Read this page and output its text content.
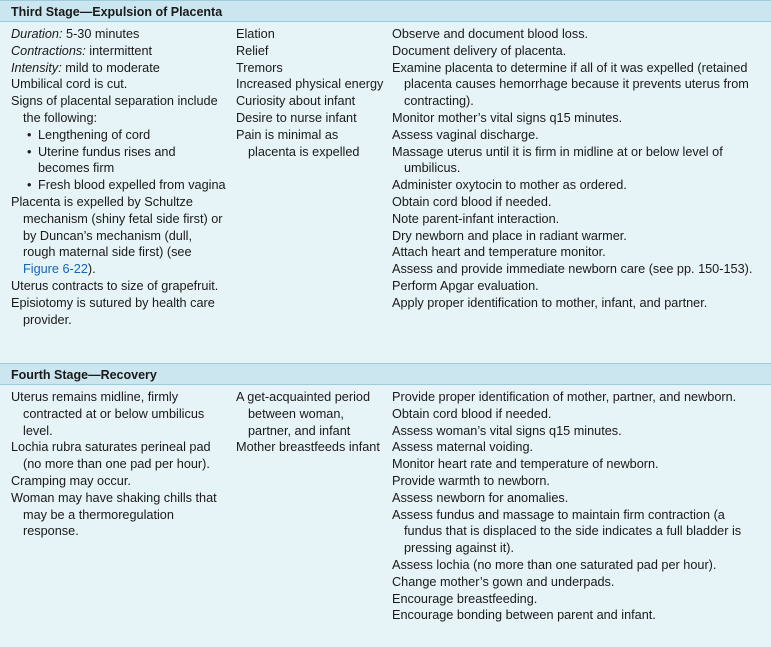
Third Stage—Expulsion of Placenta
Duration: 5-30 minutes
Contractions: intermittent
Intensity: mild to moderate
Umbilical cord is cut.
Signs of placental separation include the following:
• Lengthening of cord
• Uterine fundus rises and becomes firm
• Fresh blood expelled from vagina
Placenta is expelled by Schultze mechanism (shiny fetal side first) or by Duncan’s mechanism (dull, rough maternal side first) (see Figure 6-22).
Uterus contracts to size of grapefruit.
Episiotomy is sutured by health care provider.
Elation
Relief
Tremors
Increased physical energy
Curiosity about infant
Desire to nurse infant
Pain is minimal as placenta is expelled
Observe and document blood loss.
Document delivery of placenta.
Examine placenta to determine if all of it was expelled (retained placenta causes hemorrhage because it prevents uterus from contracting).
Monitor mother’s vital signs q15 minutes.
Assess vaginal discharge.
Massage uterus until it is firm in midline at or below level of umbilicus.
Administer oxytocin to mother as ordered.
Obtain cord blood if needed.
Note parent-infant interaction.
Dry newborn and place in radiant warmer.
Attach heart and temperature monitor.
Assess and provide immediate newborn care (see pp. 150-153).
Perform Apgar evaluation.
Apply proper identification to mother, infant, and partner.
Fourth Stage—Recovery
Uterus remains midline, firmly contracted at or below umbilicus level.
Lochia rubra saturates perineal pad (no more than one pad per hour).
Cramping may occur.
Woman may have shaking chills that may be a thermoregulation response.
A get-acquainted period between woman, partner, and infant
Mother breastfeeds infant
Provide proper identification of mother, partner, and newborn.
Obtain cord blood if needed.
Assess woman’s vital signs q15 minutes.
Assess maternal voiding.
Monitor heart rate and temperature of newborn.
Provide warmth to newborn.
Assess newborn for anomalies.
Assess fundus and massage to maintain firm contraction (a fundus that is displaced to the side indicates a full bladder is pressing against it).
Assess lochia (no more than one saturated pad per hour).
Change mother’s gown and underpads.
Encourage breastfeeding.
Encourage bonding between parent and infant.
